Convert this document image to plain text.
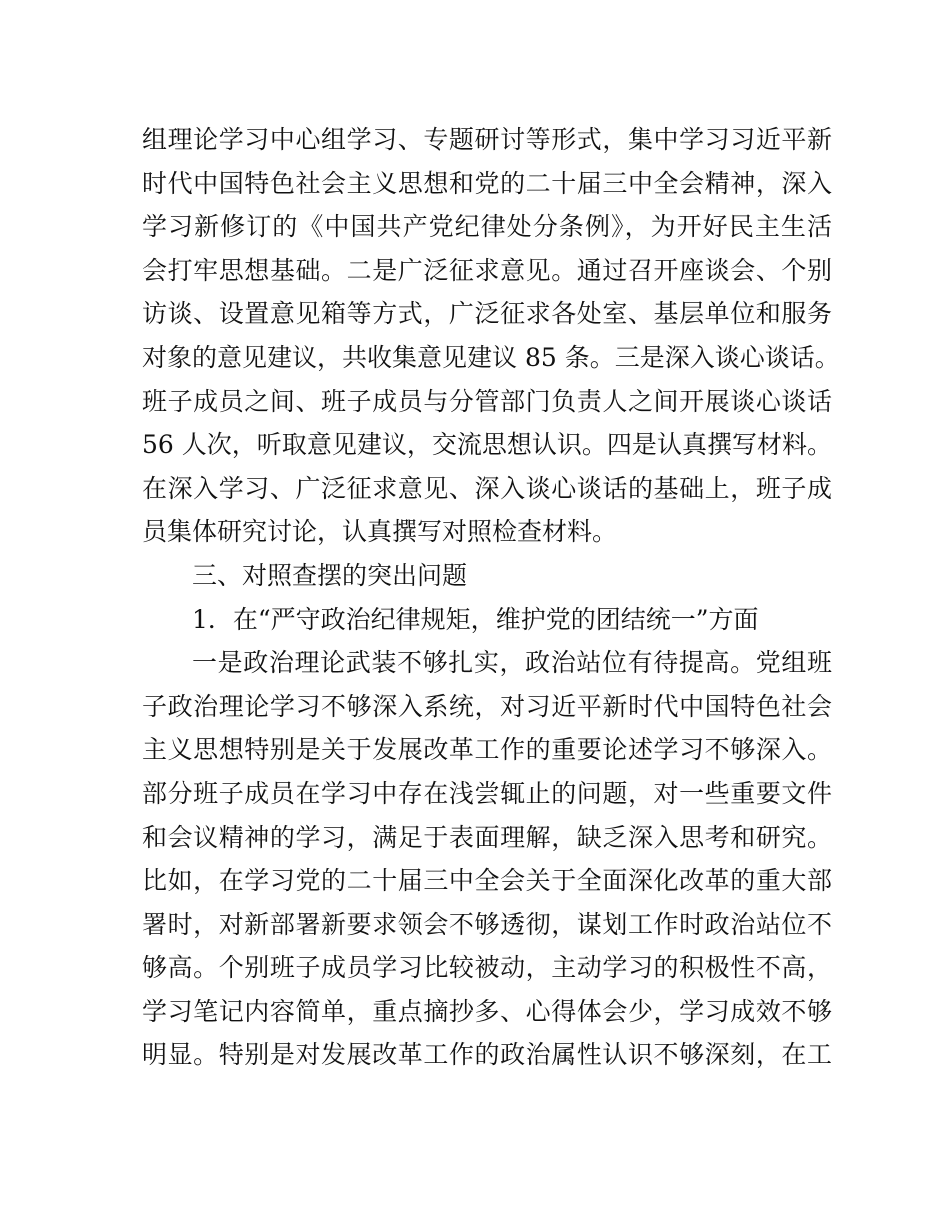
组理论学习中心组学习、专题研讨等形式，集中学习习近平新
时代中国特色社会主义思想和党的二十届三中全会精神，深入
学习新修订的《中国共产党纪律处分条例》，为开好民主生活
会打牢思想基础。二是广泛征求意见。通过召开座谈会、个别
访谈、设置意见箱等方式，广泛征求各处室、基层单位和服务
对象的意见建议，共收集意见建议 85 条。三是深入谈心谈话。
班子成员之间、班子成员与分管部门负责人之间开展谈心谈话
56 人次，听取意见建议，交流思想认识。四是认真撰写材料。
在深入学习、广泛征求意见、深入谈心谈话的基础上，班子成
员集体研究讨论，认真撰写对照检查材料。
三、对照查摆的突出问题
1．在“严守政治纪律规矩，维护党的团结统一”方面
一是政治理论武装不够扎实，政治站位有待提高。党组班
子政治理论学习不够深入系统，对习近平新时代中国特色社会
主义思想特别是关于发展改革工作的重要论述学习不够深入。
部分班子成员在学习中存在浅尝辄止的问题，对一些重要文件
和会议精神的学习，满足于表面理解，缺乏深入思考和研究。
比如，在学习党的二十届三中全会关于全面深化改革的重大部
署时，对新部署新要求领会不够透彻，谋划工作时政治站位不
够高。个别班子成员学习比较被动，主动学习的积极性不高，
学习笔记内容简单，重点摘抄多、心得体会少，学习成效不够
明显。特别是对发展改革工作的政治属性认识不够深刻，在工
